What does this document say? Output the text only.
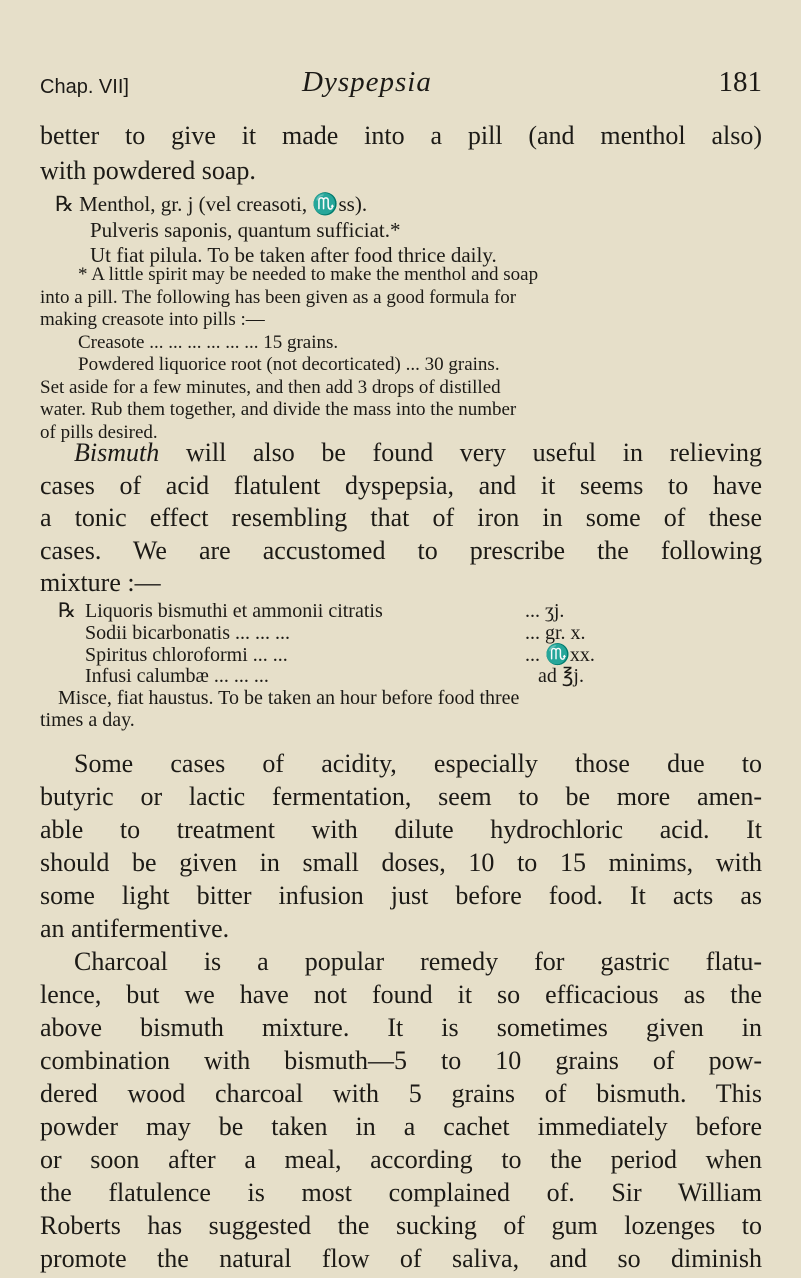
Chap. VII]	Dyspepsia	181
better to give it made into a pill (and menthol also)
with powdered soap.
℞ Menthol, gr. j (vel creasoti, ♏ss).
Pulveris saponis, quantum sufficiat.*
Ut fiat pilula. To be taken after food thrice daily.
* A little spirit may be needed to make the menthol and soap
into a pill. The following has been given as a good formula for
making creasote into pills :—
Creasote ... ... ... ... ... ... 15 grains.
Powdered liquorice root (not decorticated) ... 30 grains.
Set aside for a few minutes, and then add 3 drops of distilled
water. Rub them together, and divide the mass into the number
of pills desired.
Bismuth will also be found very useful in relieving
cases of acid flatulent dyspepsia, and it seems to have
a tonic effect resembling that of iron in some of these
cases. We are accustomed to prescribe the following
mixture :—
℞ Liquoris bismuthi et ammonii citratis	... ʒj.
Sodii bicarbonatis ... ... ...	... gr. x.
Spiritus chloroformi ... ...	... ♏xx.
Infusi calumbæ ... ... ...	ad ℥j.
Misce, fiat haustus. To be taken an hour before food three
times a day.
Some cases of acidity, especially those due to
butyric or lactic fermentation, seem to be more amen-
able to treatment with dilute hydrochloric acid. It
should be given in small doses, 10 to 15 minims, with
some light bitter infusion just before food. It acts as
an antifermentive.
Charcoal is a popular remedy for gastric flatu-
lence, but we have not found it so efficacious as the
above bismuth mixture. It is sometimes given in
combination with bismuth—5 to 10 grains of pow-
dered wood charcoal with 5 grains of bismuth. This
powder may be taken in a cachet immediately before
or soon after a meal, according to the period when
the flatulence is most complained of. Sir William
Roberts has suggested the sucking of gum lozenges to
promote the natural flow of saliva, and so diminish
